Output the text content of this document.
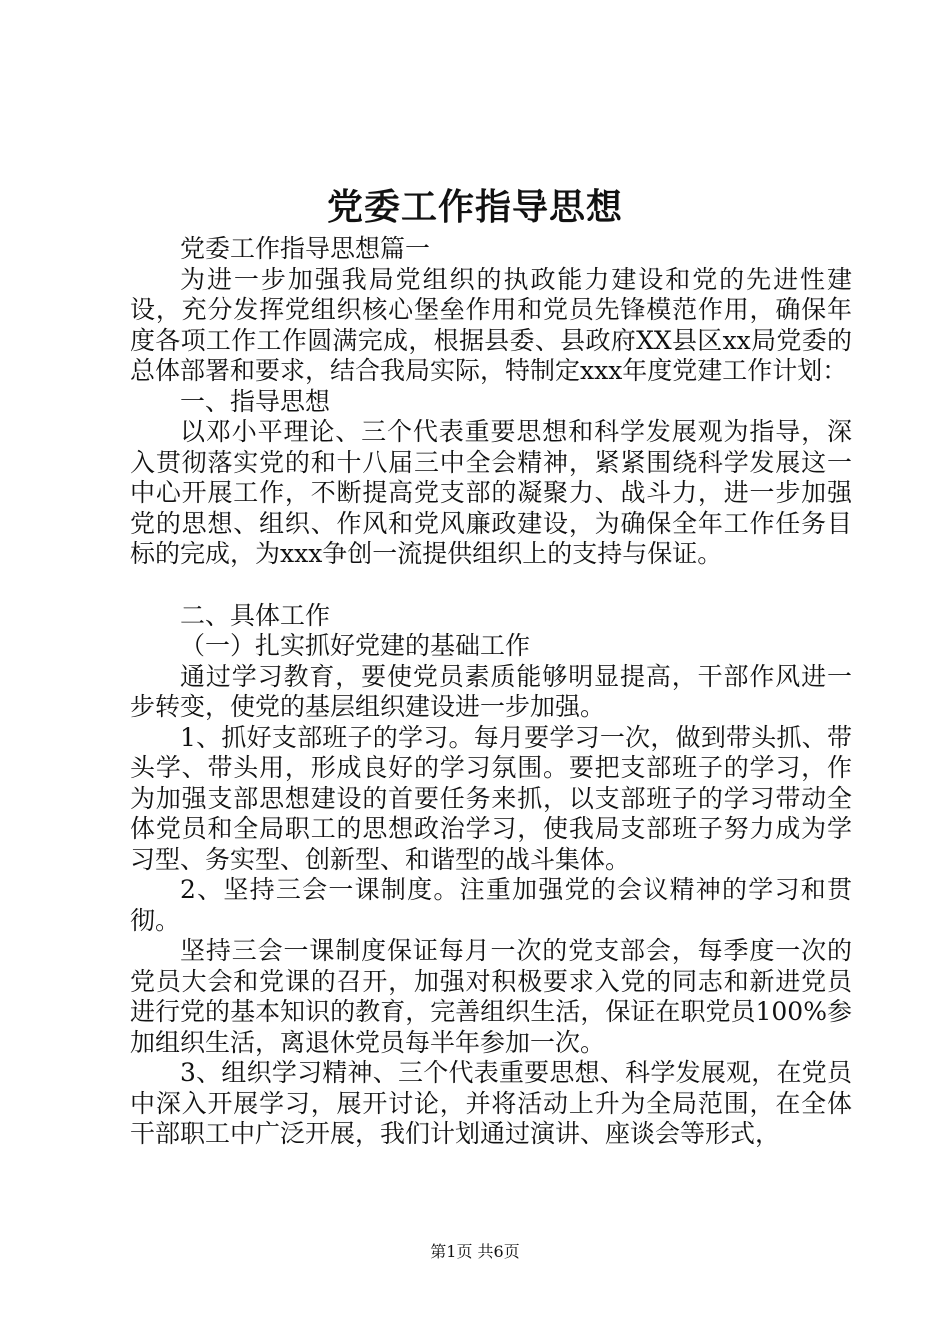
党委工作指导思想

党委工作指导思想篇一

为进一步加强我局党组织的执政能力建设和党的先进性建设，充分发挥党组织核心堡垒作用和党员先锋模范作用，确保年度各项工作工作圆满完成，根据县委、县政府XX县区xx局党委的总体部署和要求，结合我局实际，特制定xxx年度党建工作计划：

一、指导思想

以邓小平理论、三个代表重要思想和科学发展观为指导，深入贯彻落实党的和十八届三中全会精神，紧紧围绕科学发展这一中心开展工作，不断提高党支部的凝聚力、战斗力，进一步加强党的思想、组织、作风和党风廉政建设，为确保全年工作任务目标的完成，为xxx争创一流提供组织上的支持与保证。

二、具体工作

（一）扎实抓好党建的基础工作

通过学习教育，要使党员素质能够明显提高，干部作风进一步转变，使党的基层组织建设进一步加强。

1、抓好支部班子的学习。每月要学习一次，做到带头抓、带头学、带头用，形成良好的学习氛围。要把支部班子的学习，作为加强支部思想建设的首要任务来抓，以支部班子的学习带动全体党员和全局职工的思想政治学习，使我局支部班子努力成为学习型、务实型、创新型、和谐型的战斗集体。

2、坚持三会一课制度。注重加强党的会议精神的学习和贯彻。

坚持三会一课制度保证每月一次的党支部会，每季度一次的党员大会和党课的召开，加强对积极要求入党的同志和新进党员进行党的基本知识的教育，完善组织生活，保证在职党员100%参加组织生活，离退休党员每半年参加一次。

3、组织学习精神、三个代表重要思想、科学发展观，在党员中深入开展学习，展开讨论，并将活动上升为全局范围，在全体干部职工中广泛开展，我们计划通过演讲、座谈会等形式，

第1页 共6页
